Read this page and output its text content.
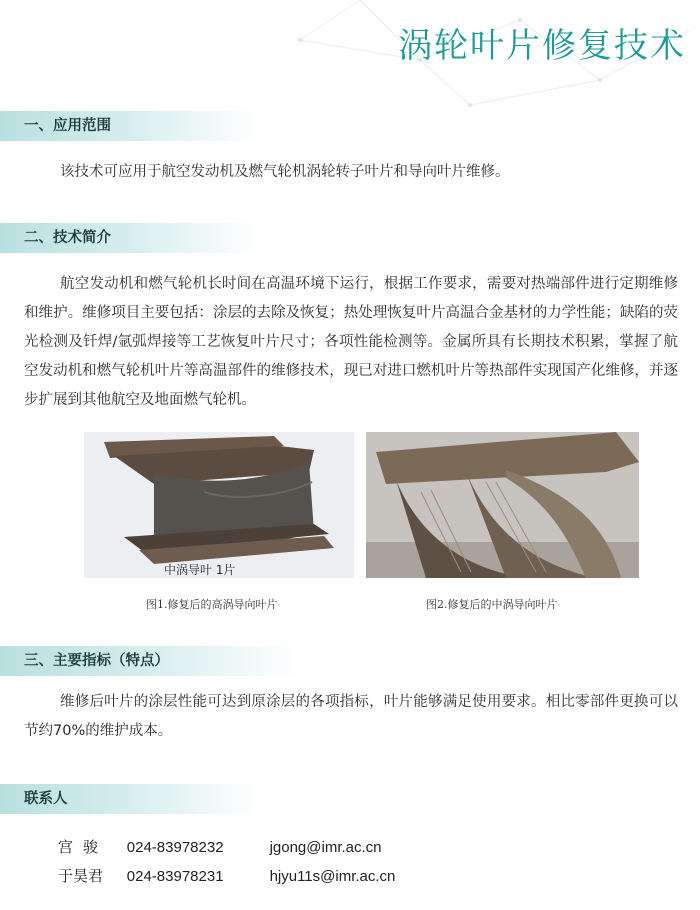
涡轮叶片修复技术
一、应用范围

该技术可应用于航空发动机及燃气轮机涡轮转子叶片和导向叶片维修。

二、技术简介

航空发动机和燃气轮机长时间在高温环境下运行，根据工作要求，需要对热端部件进行定期维修和维护。维修项目主要包括：涂层的去除及恢复；热处理恢复叶片高温合金基材的力学性能；缺陷的荧光检测及钎焊/氩弧焊接等工艺恢复叶片尺寸；各项性能检测等。金属所具有长期技术积累，掌握了航空发动机和燃气轮机叶片等高温部件的维修技术，现已对进口燃机叶片等热部件实现国产化维修，并逐步扩展到其他航空及地面燃气轮机。

中涡导叶 1片
图1.修复后的高涡导向叶片	图2.修复后的中涡导向叶片
三、主要指标（特点）

维修后叶片的涂层性能可达到原涂层的各项指标，叶片能够满足使用要求。相比零部件更换可以节约70%的维护成本。

联系人
宫骏 024-83978232	jgong@imr.ac.cn
于昊君 024-83978231	hjyu11s@imr.ac.cn
